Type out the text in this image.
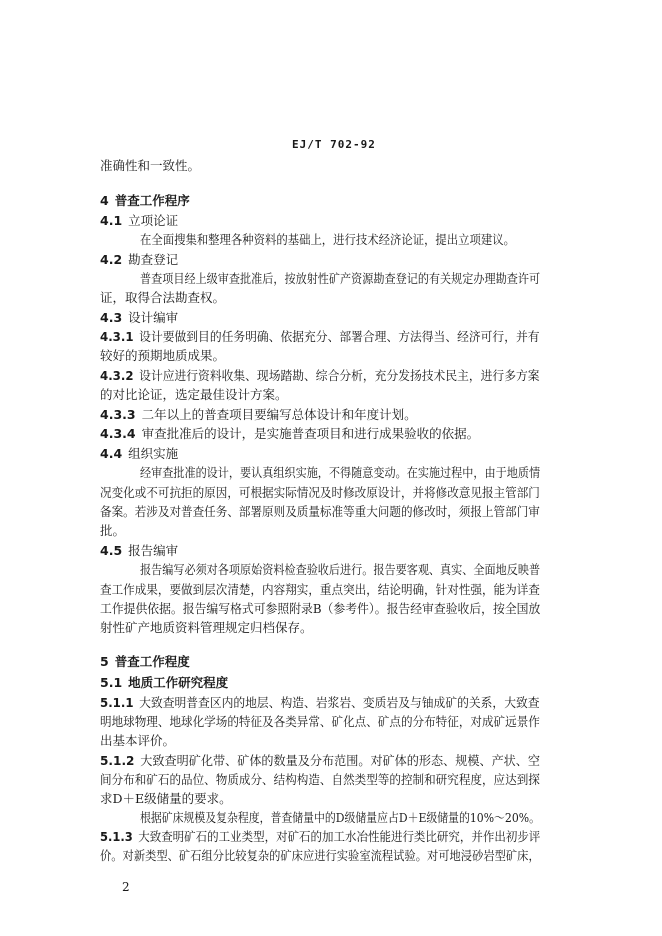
EJ/T 702-92
准确性和一致性。
4 普查工作程序
4.1 立项论证
在全面搜集和整理各种资料的基础上，进行技术经济论证，提出立项建议。
4.2 勘查登记
普查项目经上级审查批准后，按放射性矿产资源勘查登记的有关规定办理勘查许可
证，取得合法勘查权。
4.3 设计编审
4.3.1 设计要做到目的任务明确、依据充分、部署合理、方法得当、经济可行，并有
较好的预期地质成果。
4.3.2 设计应进行资料收集、现场踏勘、综合分析，充分发扬技术民主，进行多方案
的对比论证，选定最佳设计方案。
4.3.3 二年以上的普查项目要编写总体设计和年度计划。
4.3.4 审查批准后的设计，是实施普查项目和进行成果验收的依据。
4.4 组织实施
经审查批准的设计，要认真组织实施，不得随意变动。在实施过程中，由于地质情
况变化或不可抗拒的原因，可根据实际情况及时修改原设计，并将修改意见报主管部门
备案。若涉及对普查任务、部署原则及质量标准等重大问题的修改时，须报上管部门审
批。
4.5 报告编审
报告编写必须对各项原始资料检查验收后进行。报告要客观、真实、全面地反映普
查工作成果，要做到层次清楚，内容翔实，重点突出，结论明确，针对性强，能为详查
工作提供依据。报告编写格式可参照附录B（参考件）。报告经审查验收后，按全国放
射性矿产地质资料管理规定归档保存。
5 普查工作程度
5.1 地质工作研究程度
5.1.1 大致查明普查区内的地层、构造、岩浆岩、变质岩及与铀成矿的关系，大致查
明地球物理、地球化学场的特征及各类异常、矿化点、矿点的分布特征，对成矿远景作
出基本评价。
5.1.2 大致查明矿化带、矿体的数量及分布范围。对矿体的形态、规模、产状、空
间分布和矿石的品位、物质成分、结构构造、自然类型等的控制和研究程度，应达到探
求D＋E级储量的要求。
根据矿床规模及复杂程度，普查储量中的D级储量应占D＋E级储量的10%～20%。
5.1.3 大致查明矿石的工业类型，对矿石的加工水冶性能进行类比研究，并作出初步评
价。对新类型、矿石组分比较复杂的矿床应进行实验室流程试验。对可地浸砂岩型矿床，
2
